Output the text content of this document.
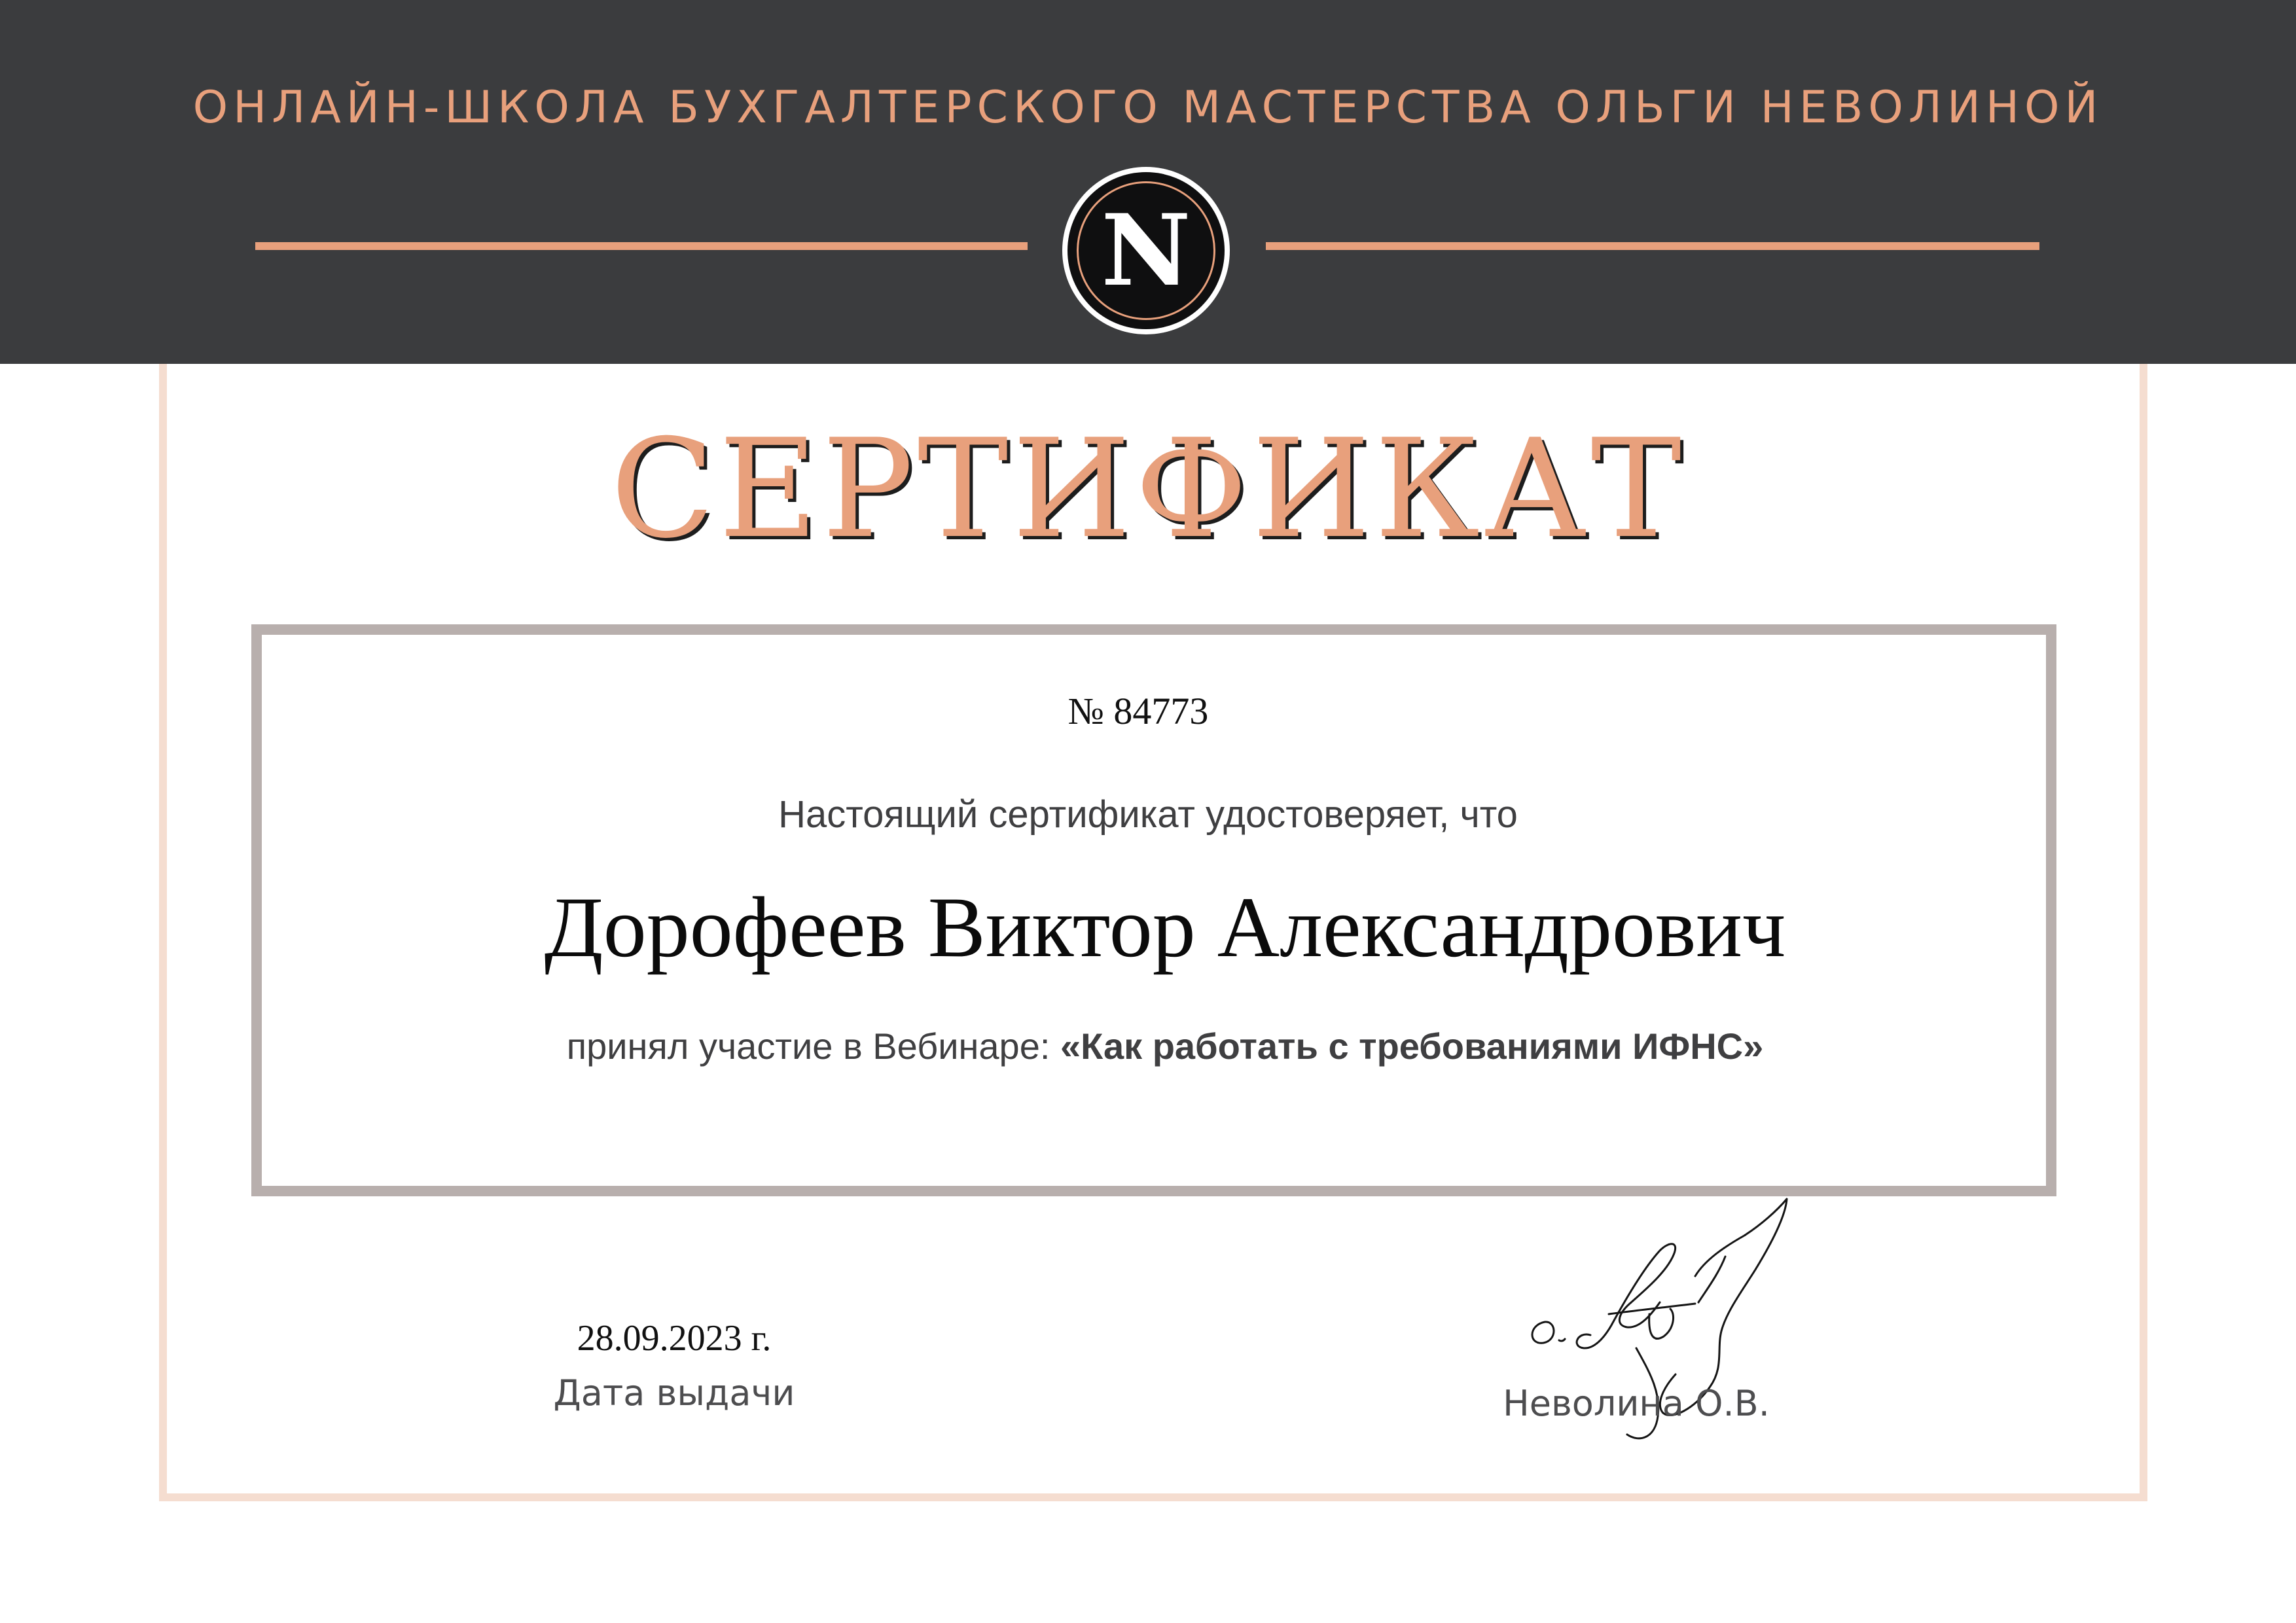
ОНЛАЙН-ШКОЛА БУХГАЛТЕРСКОГО МАСТЕРСТВА ОЛЬГИ НЕВОЛИНОЙ
N
СЕРТИФИКАТ
№ 84773
Настоящий сертификат удостоверяет, что
Дорофеев Виктор Александрович
принял участие в Вебинаре: «Как работать с требованиями ИФНС»
28.09.2023 г.
Дата выдачи	Неволина О.В.
